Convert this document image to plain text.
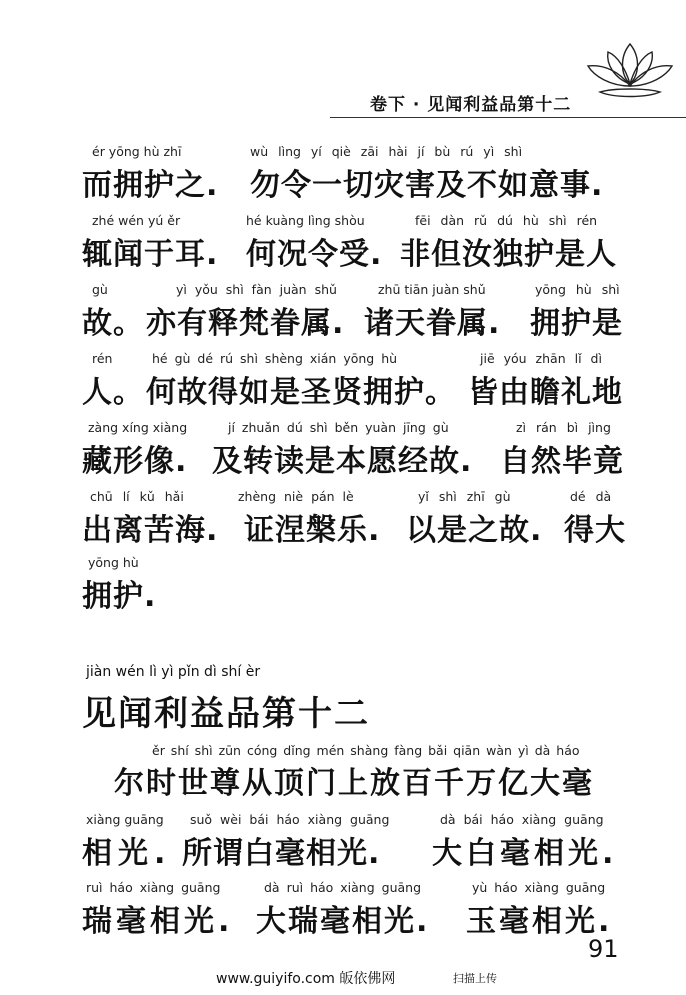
卷下 · 见闻利益品第十二
ér yōng hù zhī	wù lìng yí qiè zāi hài jí bù rú yì shì
而拥护之. 勿令一切灾害及不如意事.
zhé wén yú ěr	hé kuàng lìng shòu	fēi dàn rǔ dú hù shì rén
辄闻于耳. 何况令受. 非但汝独护是人
gù	yì yǒu shì fàn juàn shǔ	zhū tiān juàn shǔ	yōng hù shì
故。 亦有释梵眷属. 诸天眷属. 拥护是
rén	hé gù dé rú shì shèng xián yōng hù	jiē yóu zhān lǐ dì
人。 何故得如是圣贤拥护。 皆由瞻礼地
zàng xíng xiàng	jí zhuǎn dú shì běn yuàn jīng gù	zì rán bì jìng
藏形像. 及转读是本愿经故. 自然毕竟
chū lí kǔ hǎi	zhèng niè pán lè	yǐ shì zhī gù	dé dà
出离苦海. 证涅槃乐. 以是之故. 得大
yōng hù
拥护.
jiàn wén lì yì pǐn dì shí èr
见闻利益品第十二
ěr shí shì zūn cóng dǐng mén shàng fàng bǎi qiān wàn yì dà háo
尔时世尊从顶门上放百千万亿大毫
xiàng guāng suǒ wèi bái háo xiàng guāng	dà bái háo xiàng guāng
相光. 所谓白毫相光. 大白毫相光.
ruì háo xiàng guāng	dà ruì háo xiàng guāng	yù háo xiàng guāng
瑞毫相光. 大瑞毫相光. 玉毫相光.
91
www.guiyifo.com 皈依佛网	扫描上传
